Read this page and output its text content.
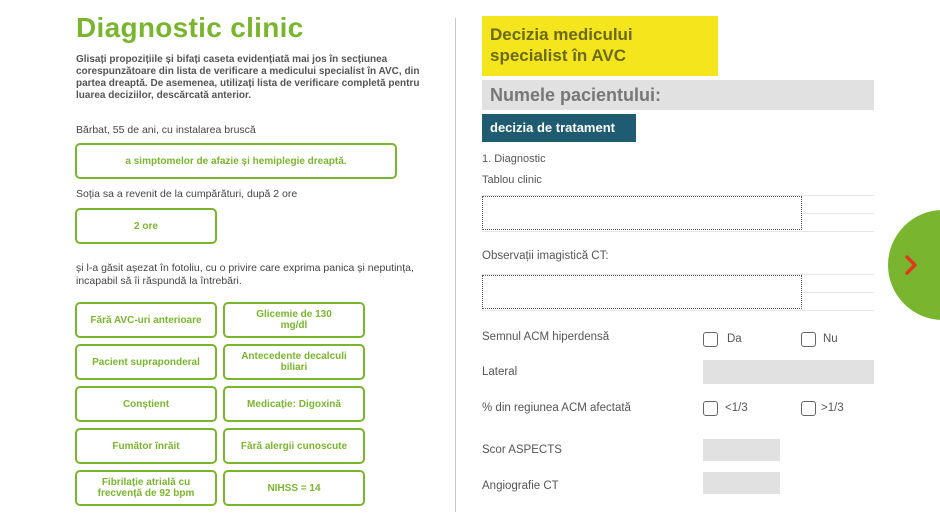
Diagnostic clinic
Glisați propozițiile și bifați caseta evidențiată mai jos în secțiunea corespunzătoare din lista de verificare a medicului specialist în AVC, din partea dreaptă. De asemenea, utilizați lista de verificare completă pentru luarea deciziilor, descărcată anterior.
Bărbat, 55 de ani, cu instalarea bruscă
a simptomelor de afazie și hemiplegie dreaptă.
Soția sa a revenit de la cumpărături, după 2 ore
2 ore
și l-a găsit așezat în fotoliu, cu o privire care exprima panica și neputința, incapabil să îi răspundă la întrebări.
Fără AVC-uri anterioare	Glicemie de 130 mg/dl
Pacient supraponderal	Antecedente decalculi biliari
Conștient	Medicație: Digoxină
Fumător înrăit	Fără alergii cunoscute
Fibrilație atrială cu frecvență de 92 bpm	NIHSS = 14
Decizia medicului specialist în AVC
Numele pacientului:
decizia de tratament
1. Diagnostic
Tablou clinic
Observații imagistică CT:
Semnul ACM hiperdensă	Da	Nu
Lateral
% din regiunea ACM afectată	<1/3	>1/3
Scor ASPECTS
Angiografie CT
